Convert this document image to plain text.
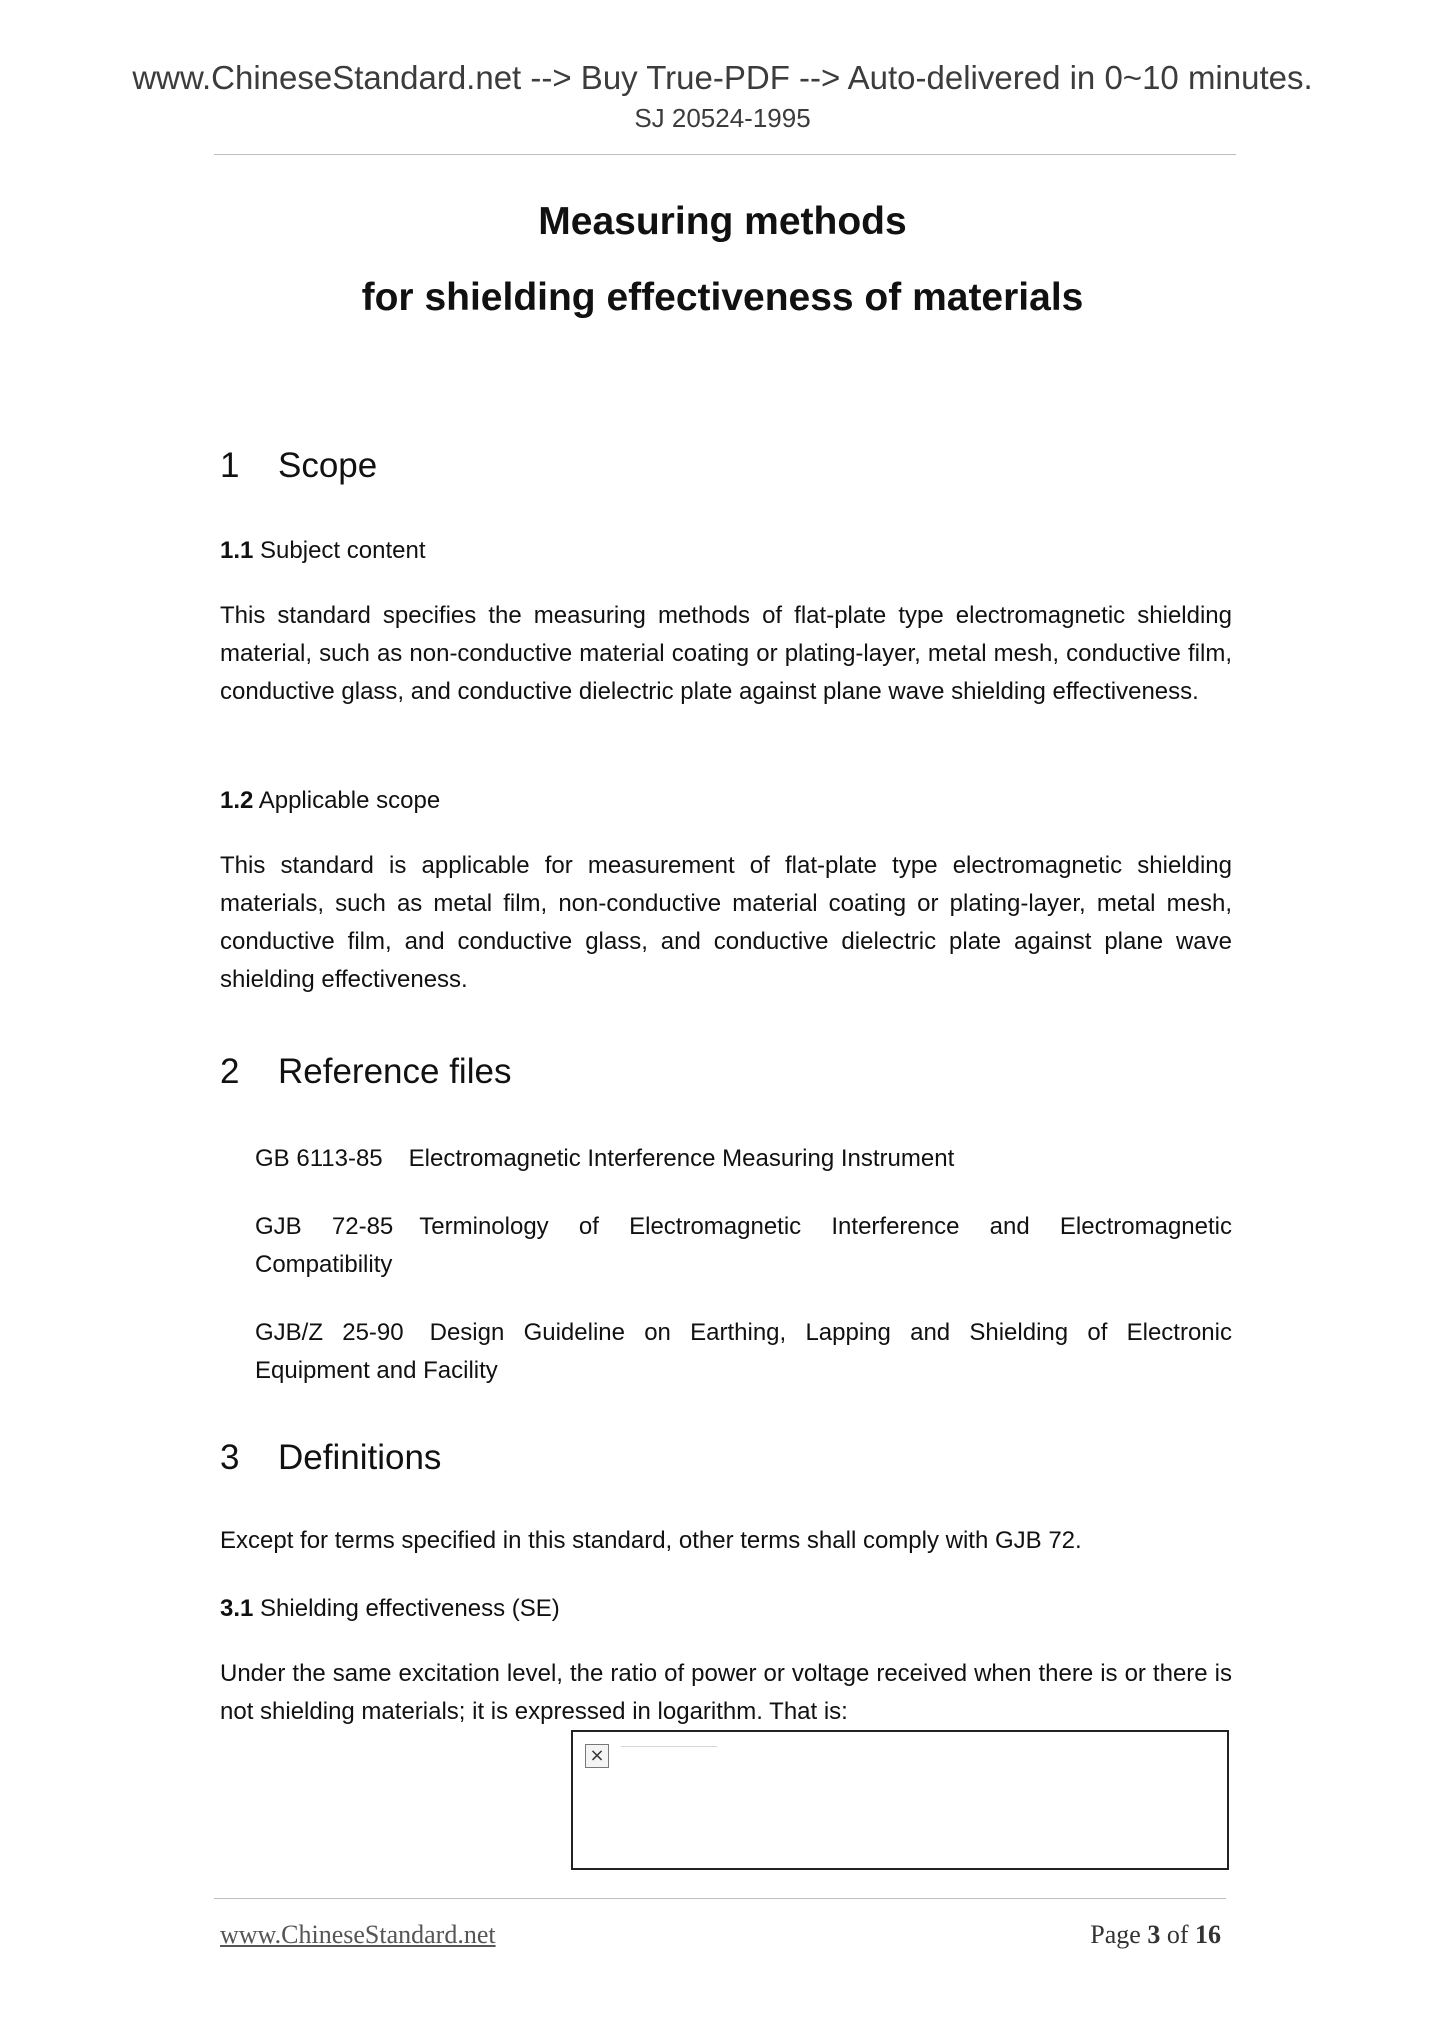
www.ChineseStandard.net --> Buy True-PDF --> Auto-delivered in 0~10 minutes.
SJ 20524-1995
Measuring methods
for shielding effectiveness of materials
1 Scope
1.1 Subject content
This standard specifies the measuring methods of flat-plate type electromagnetic shielding material, such as non-conductive material coating or plating-layer, metal mesh, conductive film, conductive glass, and conductive dielectric plate against plane wave shielding effectiveness.
1.2 Applicable scope
This standard is applicable for measurement of flat-plate type electromagnetic shielding materials, such as metal film, non-conductive material coating or plating-layer, metal mesh, conductive film, and conductive glass, and conductive dielectric plate against plane wave shielding effectiveness.
2 Reference files
GB 6113-85 Electromagnetic Interference Measuring Instrument
GJB 72-85 Terminology of Electromagnetic Interference and Electromagnetic Compatibility
GJB/Z 25-90 Design Guideline on Earthing, Lapping and Shielding of Electronic Equipment and Facility
3 Definitions
Except for terms specified in this standard, other terms shall comply with GJB 72.
3.1 Shielding effectiveness (SE)
Under the same excitation level, the ratio of power or voltage received when there is or there is not shielding materials; it is expressed in logarithm. That is:
×
www.ChineseStandard.net	Page 3 of 16
